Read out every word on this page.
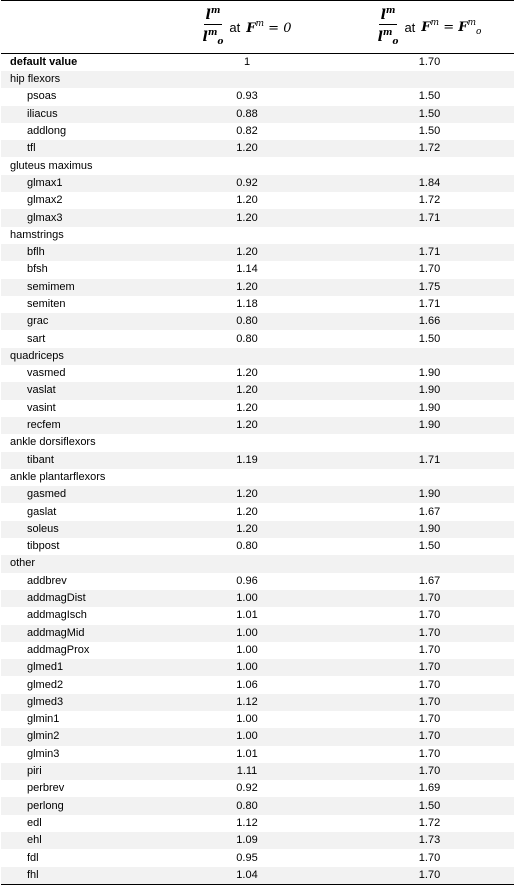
	$\frac{l^m}{l^m_o}$ at $F^m = 0$	$\frac{l^m}{l^m_o}$ at $F^m = F^m_o$

default value	1	1.70
hip flexors		
psoas	0.93	1.50
iliacus	0.88	1.50
addlong	0.82	1.50
tfl	1.20	1.72
gluteus maximus		
glmax1	0.92	1.84
glmax2	1.20	1.72
glmax3	1.20	1.71
hamstrings		
bflh	1.20	1.71
bfsh	1.14	1.70
semimem	1.20	1.75
semiten	1.18	1.71
grac	0.80	1.66
sart	0.80	1.50
quadriceps		
vasmed	1.20	1.90
vaslat	1.20	1.90
vasint	1.20	1.90
recfem	1.20	1.90
ankle dorsiflexors		
tibant	1.19	1.71
ankle plantarflexors		
gasmed	1.20	1.90
gaslat	1.20	1.67
soleus	1.20	1.90
tibpost	0.80	1.50
other		
addbrev	0.96	1.67
addmagDist	1.00	1.70
addmagIsch	1.01	1.70
addmagMid	1.00	1.70
addmagProx	1.00	1.70
glmed1	1.00	1.70
glmed2	1.06	1.70
glmed3	1.12	1.70
glmin1	1.00	1.70
glmin2	1.00	1.70
glmin3	1.01	1.70
piri	1.11	1.70
perbrev	0.92	1.69
perlong	0.80	1.50
edl	1.12	1.72
ehl	1.09	1.73
fdl	0.95	1.70
fhl	1.04	1.70
